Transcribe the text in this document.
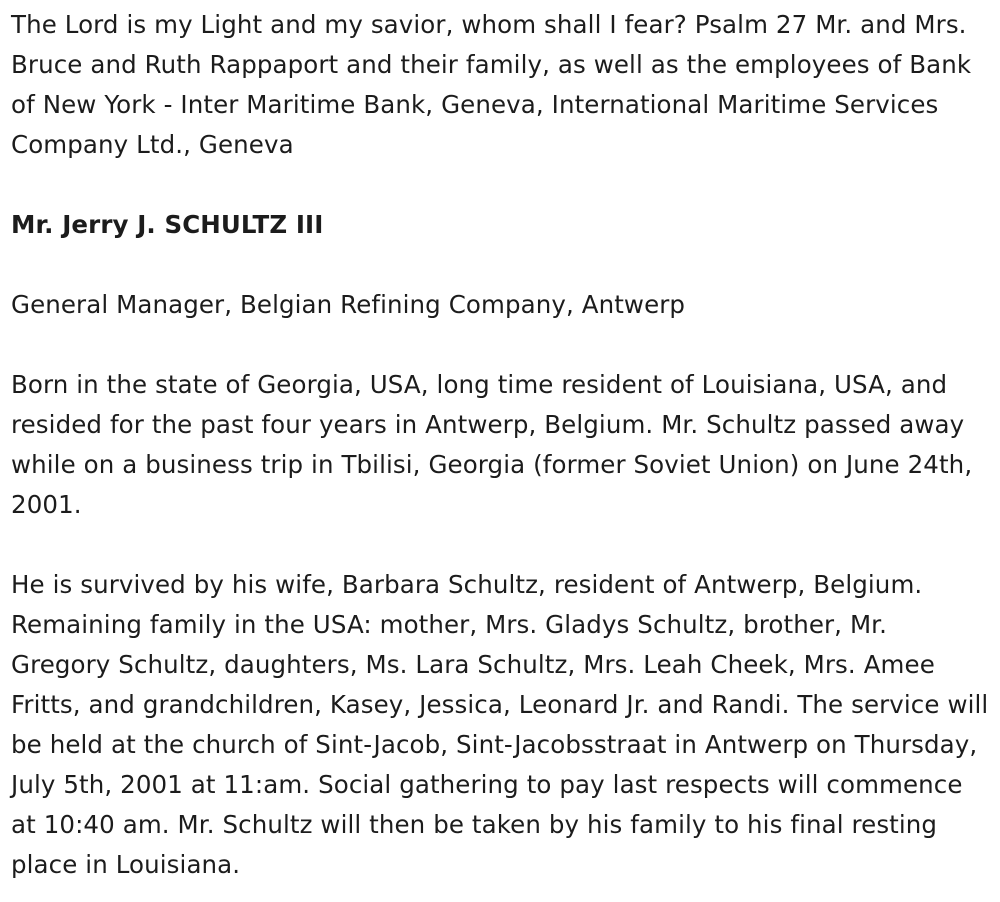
The Lord is my Light and my savior, whom shall I fear? Psalm 27 Mr. and Mrs. Bruce and Ruth Rappaport and their family, as well as the employees of Bank of New York - Inter Maritime Bank, Geneva, International Maritime Services Company Ltd., Geneva

Mr. Jerry J. SCHULTZ III

General Manager, Belgian Refining Company, Antwerp

Born in the state of Georgia, USA, long time resident of Louisiana, USA, and resided for the past four years in Antwerp, Belgium. Mr. Schultz passed away while on a business trip in Tbilisi, Georgia (former Soviet Union) on June 24th, 2001.

He is survived by his wife, Barbara Schultz, resident of Antwerp, Belgium. Remaining family in the USA: mother, Mrs. Gladys Schultz, brother, Mr. Gregory Schultz, daughters, Ms. Lara Schultz, Mrs. Leah Cheek, Mrs. Amee Fritts, and grandchildren, Kasey, Jessica, Leonard Jr. and Randi. The service will be held at the church of Sint-Jacob, Sint-Jacobsstraat in Antwerp on Thursday, July 5th, 2001 at 11:am. Social gathering to pay last respects will commence at 10:40 am. Mr. Schultz will then be taken by his family to his final resting place in Louisiana.
